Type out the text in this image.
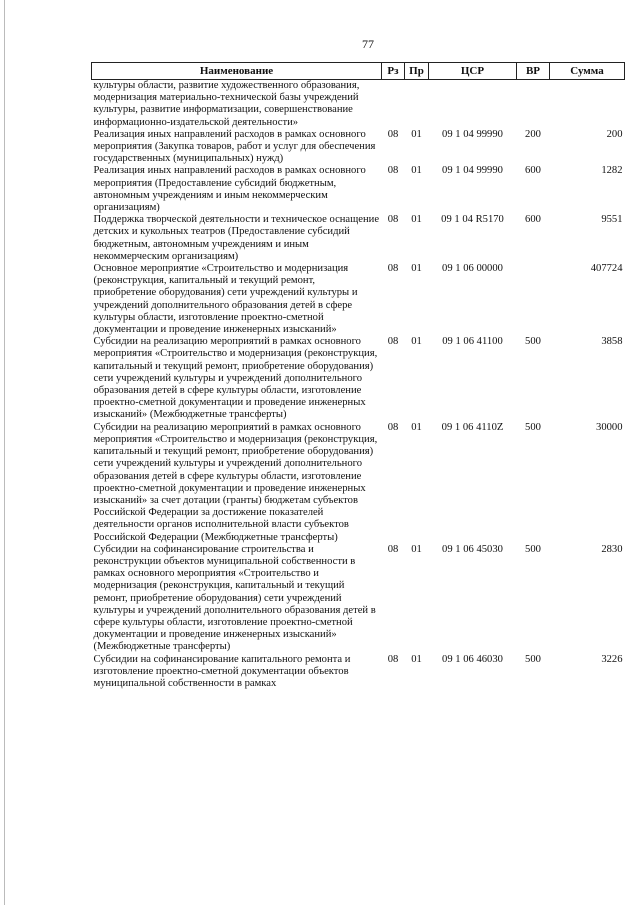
77
Наименование	Рз	Пр	ЦСР	ВР	Сумма
культуры области, развитие художественного образования, модернизация материально-технической базы учреждений культуры, развитие информатизации, совершенствование информационно-издательской деятельности»					
Реализация иных направлений расходов в рамках основного мероприятия (Закупка товаров, работ и услуг для обеспечения государственных (муниципальных) нужд)	08	01	09 1 04 99990	200	200
Реализация иных направлений расходов в рамках основного мероприятия (Предоставление субсидий бюджетным, автономным учреждениям и иным некоммерческим организациям)	08	01	09 1 04 99990	600	1282
Поддержка творческой деятельности и техническое оснащение детских и кукольных театров (Предоставление субсидий бюджетным, автономным учреждениям и иным некоммерческим организациям)	08	01	09 1 04 R5170	600	9551
Основное мероприятие «Строительство и модернизация (реконструкция, капитальный и текущий ремонт, приобретение оборудования) сети учреждений культуры и учреждений дополнительного образования детей в сфере культуры области, изготовление проектно-сметной документации и проведение инженерных изысканий»	08	01	09 1 06 00000		407724
Субсидии на реализацию мероприятий в рамках основного мероприятия «Строительство и модернизация (реконструкция, капитальный и текущий ремонт, приобретение оборудования) сети учреждений культуры и учреждений дополнительного образования детей в сфере культуры области, изготовление проектно-сметной документации и проведение инженерных изысканий» (Межбюджетные трансферты)	08	01	09 1 06 41100	500	3858
Субсидии на реализацию мероприятий в рамках основного мероприятия «Строительство и модернизация (реконструкция, капитальный и текущий ремонт, приобретение оборудования) сети учреждений культуры и учреждений дополнительного образования детей в сфере культуры области, изготовление проектно-сметной документации и проведение инженерных изысканий» за счет дотации (гранты) бюджетам субъектов Российской Федерации за достижение показателей деятельности органов исполнительной власти субъектов Российской Федерации (Межбюджетные трансферты)	08	01	09 1 06 4110Z	500	30000
Субсидии на софинансирование строительства и реконструкции объектов муниципальной собственности в рамках основного мероприятия «Строительство и модернизация (реконструкция, капитальный и текущий ремонт, приобретение оборудования) сети учреждений культуры и учреждений дополнительного образования детей в сфере культуры области, изготовление проектно-сметной документации и проведение инженерных изысканий» (Межбюджетные трансферты)	08	01	09 1 06 45030	500	2830
Субсидии на софинансирование капитального ремонта и изготовление проектно-сметной документации объектов муниципальной собственности в рамках	08	01	09 1 06 46030	500	3226
